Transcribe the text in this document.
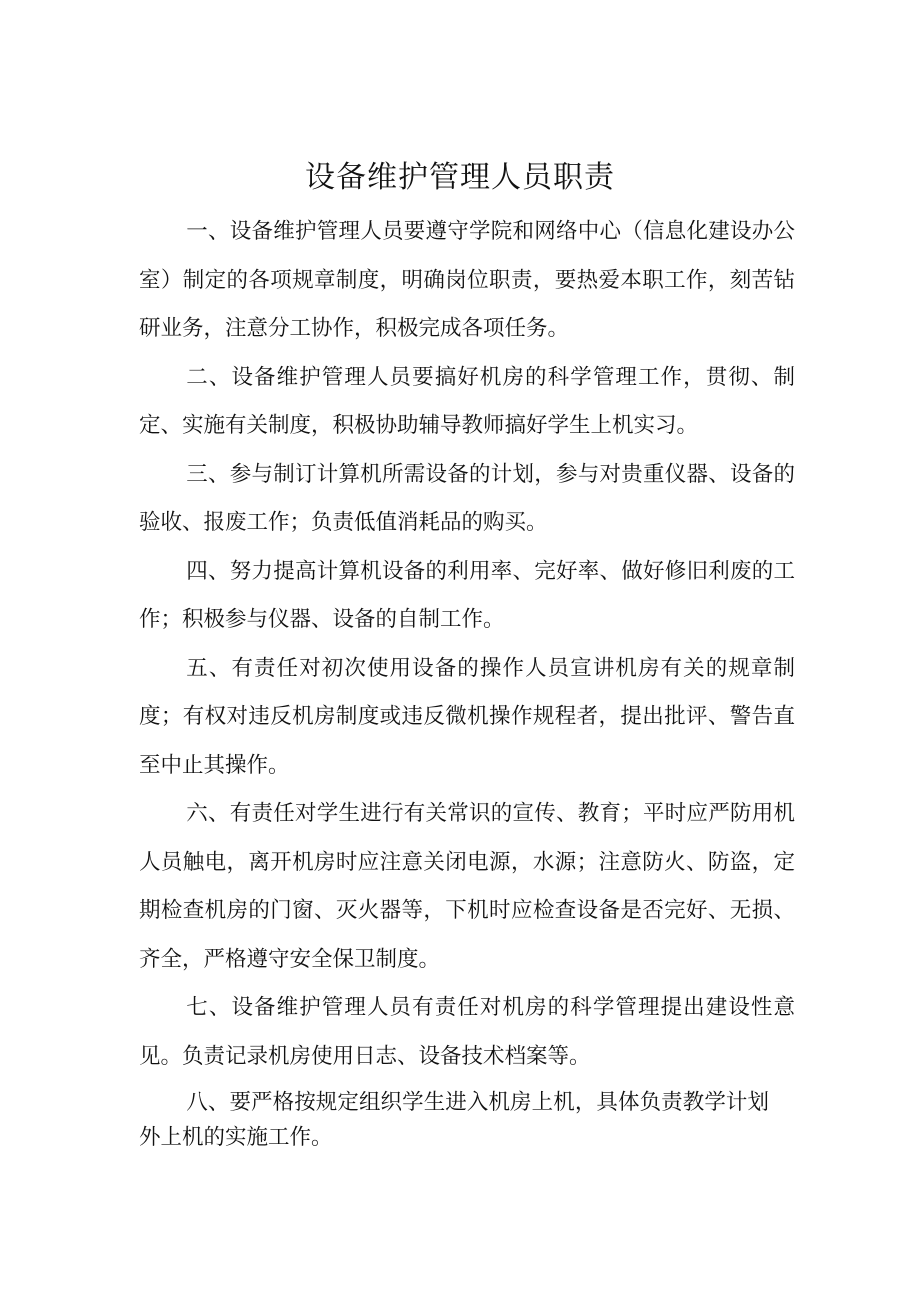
设备维护管理人员职责

一、设备维护管理人员要遵守学院和网络中心（信息化建设办公室）制定的各项规章制度，明确岗位职责，要热爱本职工作，刻苦钻研业务，注意分工协作，积极完成各项任务。

二、设备维护管理人员要搞好机房的科学管理工作，贯彻、制定、实施有关制度，积极协助辅导教师搞好学生上机实习。

三、参与制订计算机所需设备的计划，参与对贵重仪器、设备的验收、报废工作；负责低值消耗品的购买。

四、努力提高计算机设备的利用率、完好率、做好修旧利废的工作；积极参与仪器、设备的自制工作。

五、有责任对初次使用设备的操作人员宣讲机房有关的规章制度；有权对违反机房制度或违反微机操作规程者，提出批评、警告直至中止其操作。

六、有责任对学生进行有关常识的宣传、教育；平时应严防用机人员触电，离开机房时应注意关闭电源，水源；注意防火、防盗，定期检查机房的门窗、灭火器等，下机时应检查设备是否完好、无损、齐全，严格遵守安全保卫制度。

七、设备维护管理人员有责任对机房的科学管理提出建设性意见。负责记录机房使用日志、设备技术档案等。

八、要严格按规定组织学生进入机房上机，具体负责教学计划外上机的实施工作。
